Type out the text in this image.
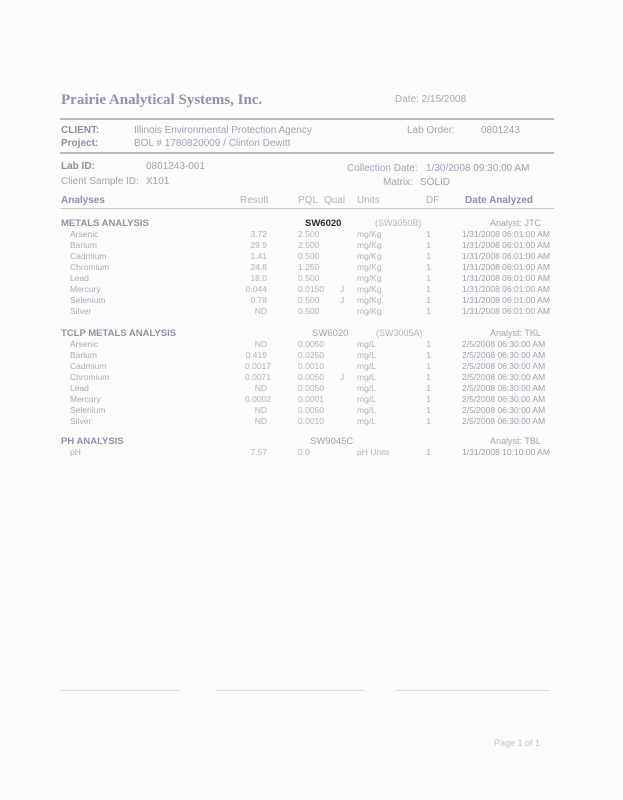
Prairie Analytical Systems, Inc.	Date: 2/15/2008
CLIENT:	Illinois Environmental Protection Agency
Project:	BOL # 1780820009 / Clinton Dewitt
Lab Order:	0801243
Lab ID:	0801243-001
Client Sample ID: X101
Collection Date: 1/30/2008 09:30:00 AM
Matrix: SOLID
Analyses	Result	PQL Qual Units	DF	Date Analyzed
METALS ANALYSIS	SW6020	(SW3050B)	Analyst: JTC
Arsenic	3.72	2.500	mg/Kg	1	1/31/2008 06:01:00 AM
Barium	29.9	2.500	mg/Kg	1	1/31/2008 06:01:00 AM
Cadmium	1.41	0.500	mg/Kg	1	1/31/2008 06:01:00 AM
Chromium	24.8	1.250	mg/Kg	1	1/31/2008 06:01:00 AM
Lead	18.0	0.500	mg/Kg	1	1/31/2008 06:01:00 AM
Mercury	0.044	0.0150 J mg/Kg	1	1/31/2008 06:01:00 AM
Selenium	0.78	0.500 J mg/Kg	1	1/31/2008 06:01:00 AM
Silver	ND	0.500	mg/Kg	1	1/31/2008 06:01:00 AM
TCLP METALS ANALYSIS	SW6020	(SW3005A)	Analyst: TKL
Arsenic	ND	0.0050	mg/L	1	2/5/2008 06:30:00 AM
Barium	0.419	0.0250	mg/L	1	2/5/2008 06:30:00 AM
Cadmium	0.0017	0.0010	mg/L	1	2/5/2008 06:30:00 AM
Chromium	0.0071	0.0050 J mg/L	1	2/5/2008 06:30:00 AM
Lead	ND	0.0050	mg/L	1	2/5/2008 06:30:00 AM
Mercury	0.0002	0.0001	mg/L	1	2/5/2008 06:30:00 AM
Selenium	ND	0.0050	mg/L	1	2/5/2008 06:30:00 AM
Silver	ND	0.0010	mg/L	1	2/5/2008 06:30:00 AM
PH ANALYSIS	SW9045C	Analyst: TBL
pH	7.57	0.0	pH Units	1	1/31/2008 10:10:00 AM
Page 1 of 1
